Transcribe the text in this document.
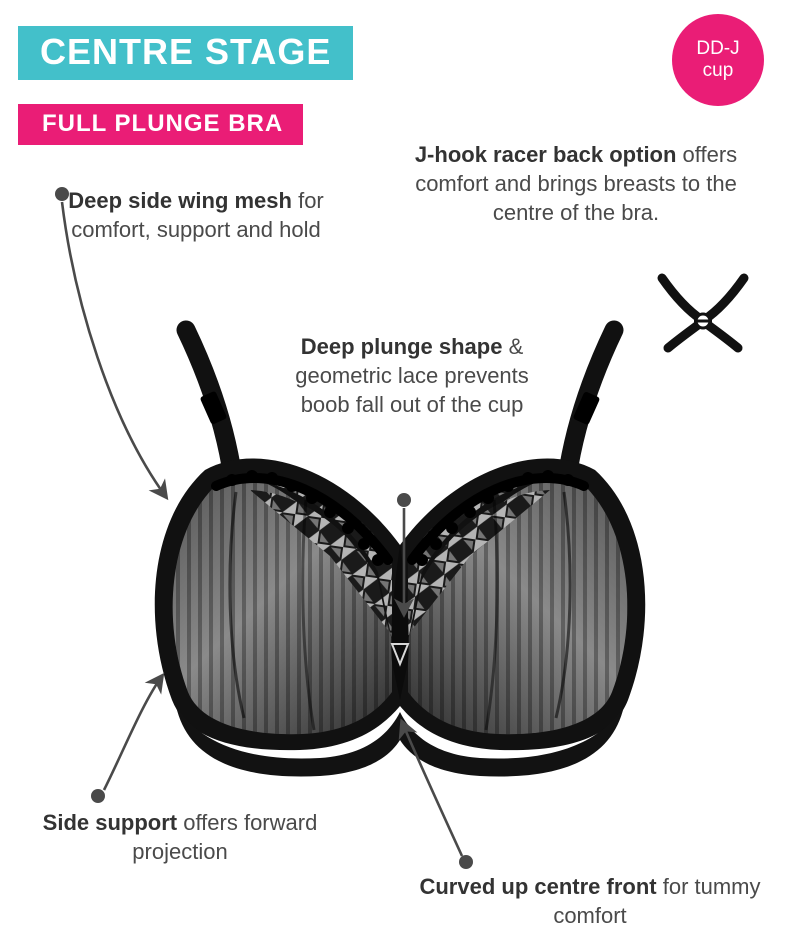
CENTRE STAGE
FULL PLUNGE BRA
DD-J
cup
Deep side wing mesh for comfort, support and hold
J-hook racer back option offers comfort and brings breasts to the centre of the bra.
Deep plunge shape & geometric lace prevents boob fall out of the cup
Side support offers forward projection
Curved up centre front for tummy comfort
